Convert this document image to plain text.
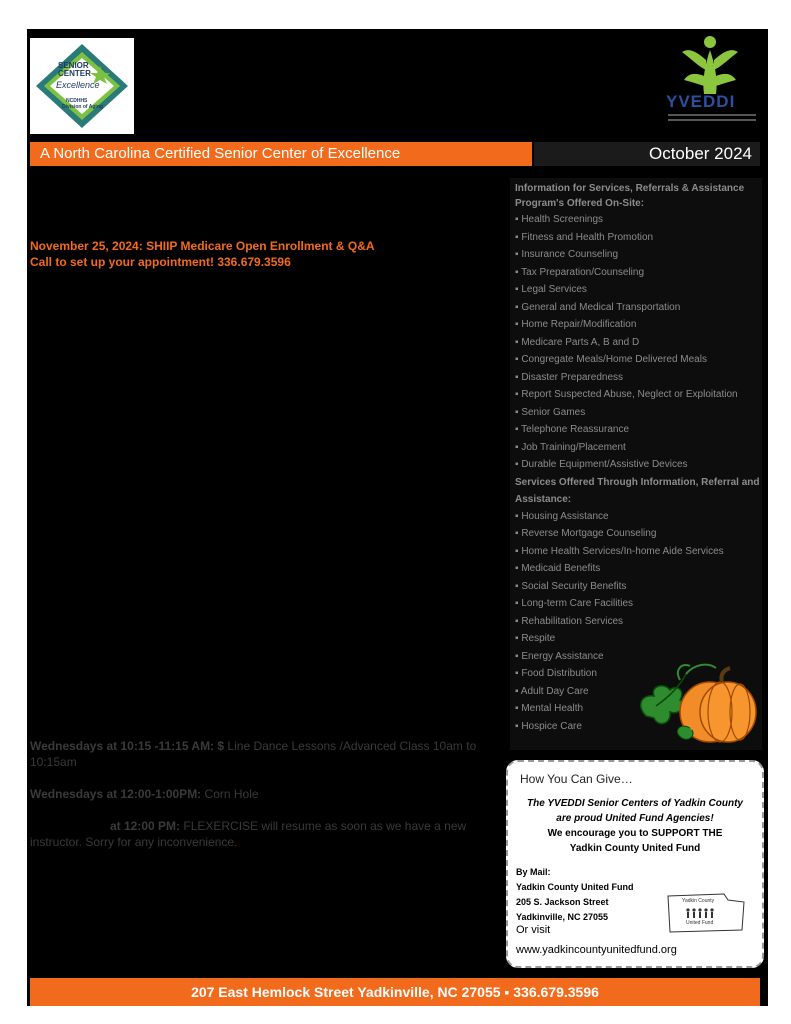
SENIOR
CENTER
Excellence
NCDHHS
Division of Aging	YVEDDI
A North Carolina Certified Senior Center of Excellence	October 2024
November 25, 2024: SHIIP Medicare Open Enrollment & Q&A
Call to set up your appointment! 336.679.3596
Wednesdays at 10:15 -11:15 AM: $ Line Dance Lessons /Advanced Class 10am to 10:15am
Wednesdays at 12:00-1:00PM: Corn Hole
at 12:00 PM: FLEXERCISE will resume as soon as we have a new instructor. Sorry for any inconvenience.
Information for Services, Referrals & Assistance
Program's Offered On-Site:
▪ Health Screenings
▪ Fitness and Health Promotion
▪ Insurance Counseling
▪ Tax Preparation/Counseling
▪ Legal Services
▪ General and Medical Transportation
▪ Home Repair/Modification
▪ Medicare Parts A, B and D
▪ Congregate Meals/Home Delivered Meals
▪ Disaster Preparedness
▪ Report Suspected Abuse, Neglect or Exploitation
▪ Senior Games
▪ Telephone Reassurance
▪ Job Training/Placement
▪ Durable Equipment/Assistive Devices
Services Offered Through Information, Referral and Assistance:
▪ Housing Assistance
▪ Reverse Mortgage Counseling
▪ Home Health Services/In-home Aide Services
▪ Medicaid Benefits
▪ Social Security Benefits
▪ Long-term Care Facilities
▪ Rehabilitation Services
▪ Respite
▪ Energy Assistance
▪ Food Distribution
▪ Adult Day Care
▪ Mental Health
▪ Hospice Care
How You Can Give…
The YVEDDI Senior Centers of Yadkin County
are proud United Fund Agencies!
We encourage you to SUPPORT THE
Yadkin County United Fund
By Mail:
Yadkin County United Fund
205 S. Jackson Street
Yadkinville, NC 27055
Yadkin County
United Fund
Or visit
www.yadkincountyunitedfund.org
207 East Hemlock Street Yadkinville, NC 27055 ▪ 336.679.3596
